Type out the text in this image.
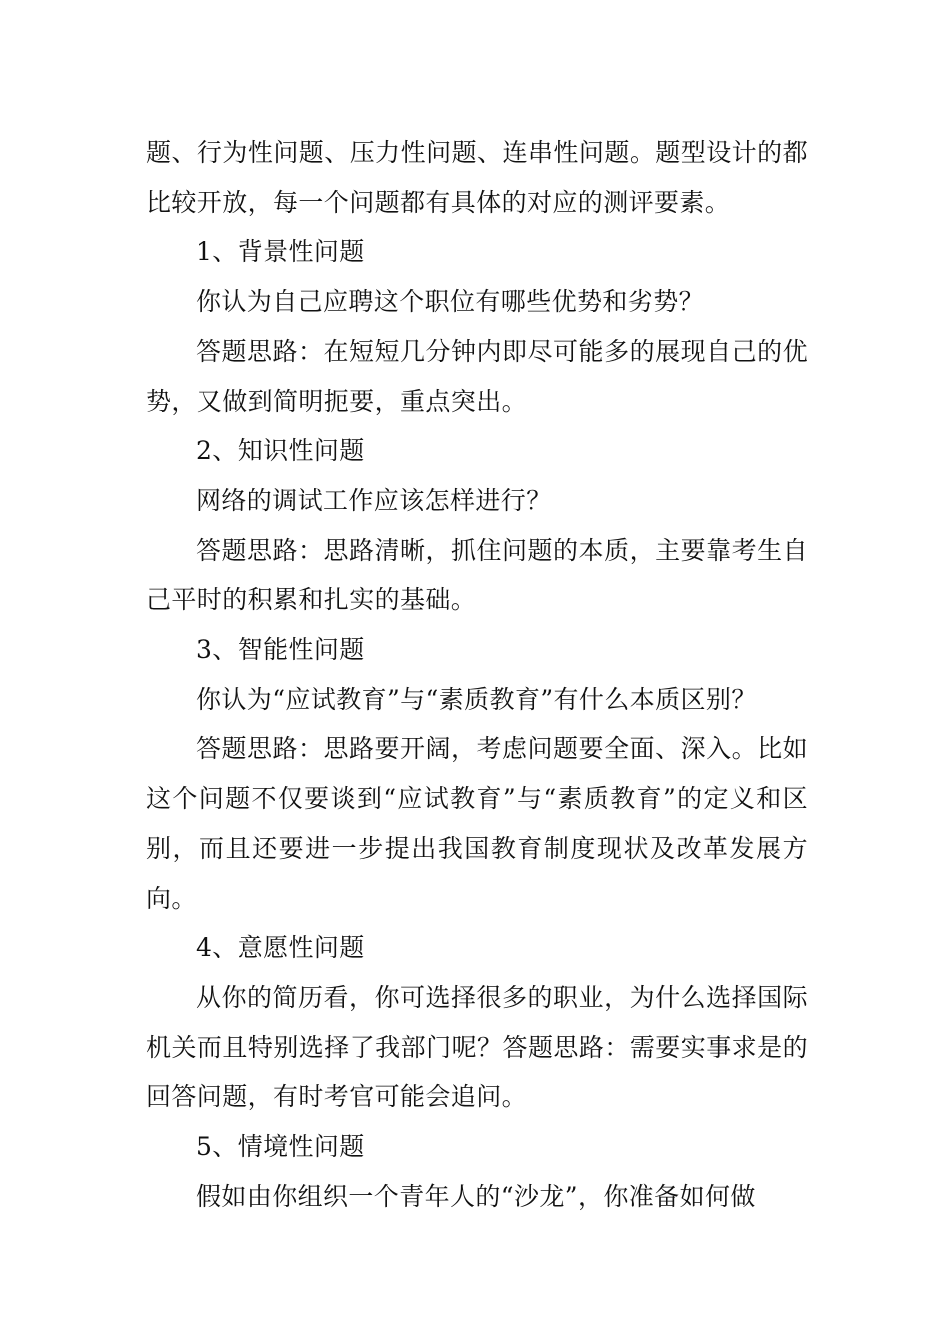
题、行为性问题、压力性问题、连串性问题。题型设计的都比较开放，每一个问题都有具体的对应的测评要素。

1、背景性问题

你认为自己应聘这个职位有哪些优势和劣势？

答题思路：在短短几分钟内即尽可能多的展现自己的优势，又做到简明扼要，重点突出。

2、知识性问题

网络的调试工作应该怎样进行？

答题思路：思路清晰，抓住问题的本质，主要靠考生自己平时的积累和扎实的基础。

3、智能性问题

你认为“应试教育”与“素质教育”有什么本质区别？

答题思路：思路要开阔，考虑问题要全面、深入。比如这个问题不仅要谈到“应试教育”与“素质教育”的定义和区别，而且还要进一步提出我国教育制度现状及改革发展方向。

4、意愿性问题

从你的简历看，你可选择很多的职业，为什么选择国际机关而且特别选择了我部门呢？答题思路：需要实事求是的回答问题，有时考官可能会追问。

5、情境性问题

假如由你组织一个青年人的“沙龙”，你准备如何做
